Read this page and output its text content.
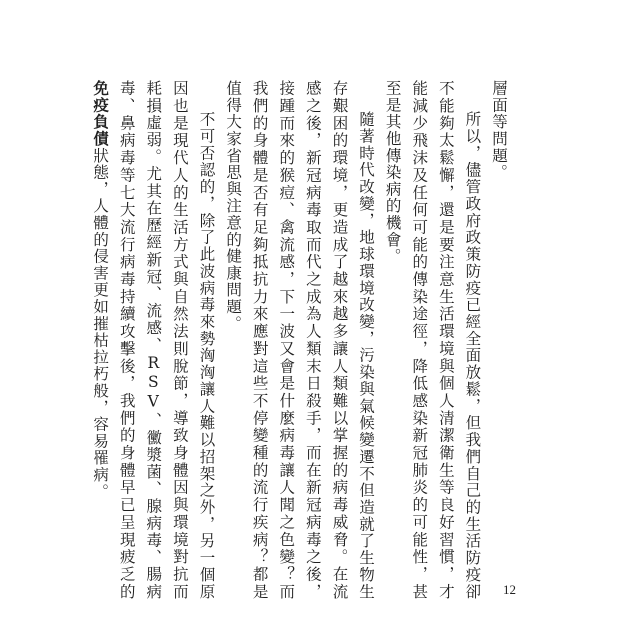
層面等問題。

所以，儘管政府政策防疫已經全面放鬆，但我們自己的生活防疫卻不能夠太鬆懈，還是要注意生活環境與個人清潔衛生等良好習慣，才能減少飛沫及任何可能的傳染途徑，降低感染新冠肺炎的可能性，甚至是其他傳染病的機會。

隨著時代改變，地球環境改變，污染與氣候變遷不但造就了生物生存艱困的環境，更造成了越來越多讓人類難以掌握的病毒威脅。在流感之後，新冠病毒取而代之成為人類末日殺手，而在新冠病毒之後，接踵而來的猴痘、禽流感，下一波又會是什麼病毒讓人聞之色變？而我們的身體是否有足夠抵抗力來應對這些不停變種的流行疾病？都是值得大家省思與注意的健康問題。

不可否認的，除了此波病毒來勢洶洶讓人難以招架之外，另一個原因也是現代人的生活方式與自然法則脫節，導致身體因與環境對抗而耗損虛弱。尤其在歷經新冠、流感、RSV、黴漿菌、腺病毒、腸病毒、鼻病毒等七大流行病毒持續攻擊後，我們的身體早已呈現疲乏的免疫負債狀態，人體的侵害更如摧枯拉朽般，容易罹病。

12
